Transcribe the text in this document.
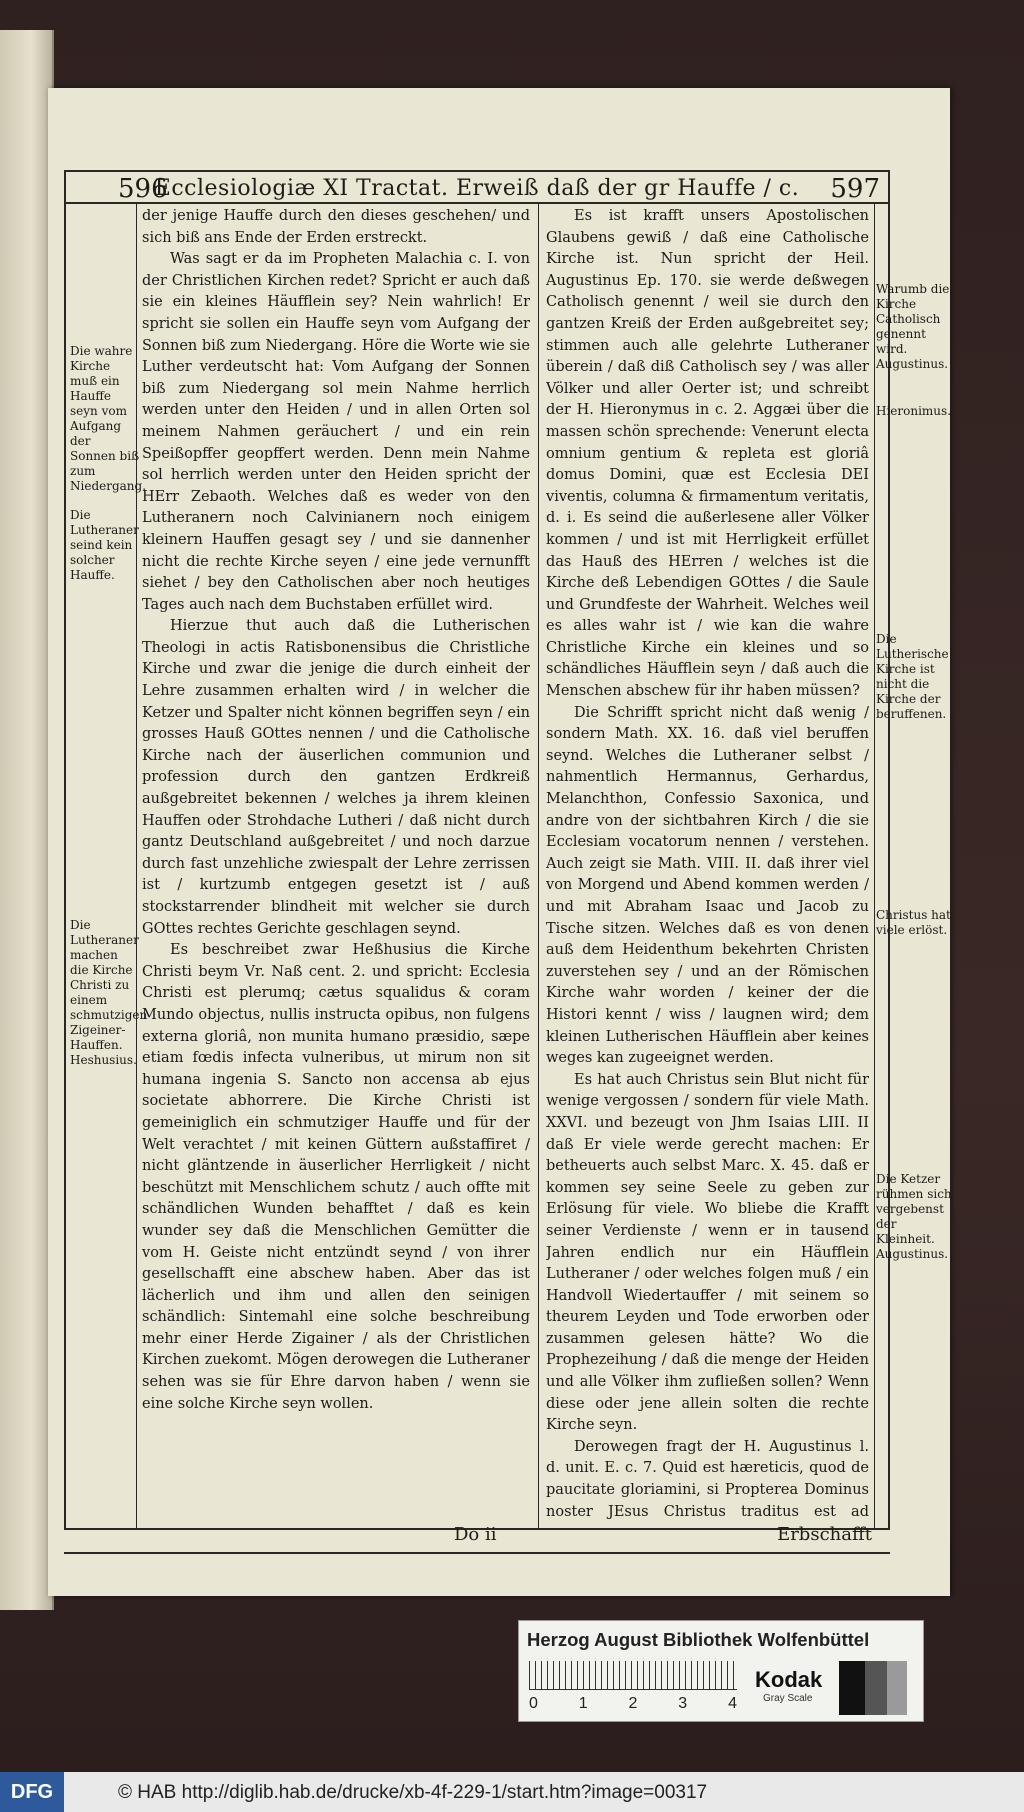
596
Ecclesiologiæ XI Tractat. Erweiß daß der gr Hauffe / c.	597

der jenige Hauffe durch den dieses geschehen/ und sich biß ans Ende der Erden erstreckt.

Was sagt er da im Propheten Malachia c. I. von der Christlichen Kirchen redet? Spricht er auch daß sie ein kleines Häufflein sey? Nein wahrlich! Er spricht sie sollen ein Hauffe seyn vom Aufgang der Sonnen biß zum Niedergang. Höre die Worte wie sie Luther verdeutscht hat: Vom Aufgang der Sonnen biß zum Niedergang sol mein Nahme herrlich werden unter den Heiden / und in allen Orten sol meinem Nahmen geräuchert / und ein rein Speißopffer geopffert werden. Denn mein Nahme sol herrlich werden unter den Heiden spricht der HErr Zebaoth. Welches daß es weder von den Lutheranern noch Calvinianern noch einigem kleinern Hauffen gesagt sey / und sie dannenher nicht die rechte Kirche seyen / eine jede vernunfft siehet / bey den Catholischen aber noch heutiges Tages auch nach dem Buchstaben erfüllet wird.

Hierzue thut auch daß die Lutherischen Theologi in actis Ratisbonensibus die Christliche Kirche und zwar die jenige die durch einheit der Lehre zusammen erhalten wird / in welcher die Ketzer und Spalter nicht können begriffen seyn / ein grosses Hauß GOttes nennen / und die Catholische Kirche nach der äuserlichen communion und profession durch den gantzen Erdkreiß außgebreitet bekennen / welches ja ihrem kleinen Hauffen oder Strohdache Lutheri / daß nicht durch gantz Deutschland außgebreitet / und noch darzue durch fast unzehliche zwiespalt der Lehre zerrissen ist / kurtzumb entgegen gesetzt ist / auß stockstarrender blindheit mit welcher sie durch GOttes rechtes Gerichte geschlagen seynd.

Es beschreibet zwar Heßhusius die Kirche Christi beym Vr. Naß cent. 2. und spricht: Ecclesia Christi est plerumq; cætus squalidus & coram Mundo objectus, nullis instructa opibus, non fulgens externa gloriâ, non munita humano præsidio, sæpe etiam fœdis infecta vulneribus, ut mirum non sit humana ingenia S. Sancto non accensa ab ejus societate abhorrere. Die Kirche Christi ist gemeiniglich ein schmutziger Hauffe und für der Welt verachtet / mit keinen Güttern außstaffiret / nicht gläntzende in äuserlicher Herrligkeit / nicht beschützt mit Menschlichem schutz / auch offte mit schändlichen Wunden behafftet / daß es kein wunder sey daß die Menschlichen Gemütter die vom H. Geiste nicht entzündt seynd / von ihrer gesellschafft eine abschew haben. Aber das ist lächerlich und ihm und allen den seinigen schändlich: Sintemahl eine solche beschreibung mehr einer Herde Zigainer / als der Christlichen Kirchen zuekomt. Mögen derowegen die Lutheraner sehen was sie für Ehre darvon haben / wenn sie eine solche Kirche seyn wollen.

Es ist krafft unsers Apostolischen Glaubens gewiß / daß eine Catholische Kirche ist. Nun spricht der Heil. Augustinus Ep. 170. sie werde deßwegen Catholisch genennt / weil sie durch den gantzen Kreiß der Erden außgebreitet sey; stimmen auch alle gelehrte Lutheraner überein / daß diß Catholisch sey / was aller Völker und aller Oerter ist; und schreibt der H. Hieronymus in c. 2. Aggæi über die massen schön sprechende: Venerunt electa omnium gentium & repleta est gloriâ domus Domini, quæ est Ecclesia DEI viventis, columna & firmamentum veritatis, d. i. Es seind die außerlesene aller Völker kommen / und ist mit Herrligkeit erfüllet das Hauß des HErren / welches ist die Kirche deß Lebendigen GOttes / die Saule und Grundfeste der Wahrheit. Welches weil es alles wahr ist / wie kan die wahre Christliche Kirche ein kleines und so schändliches Häufflein seyn / daß auch die Menschen abschew für ihr haben müssen?

Die Schrifft spricht nicht daß wenig / sondern Math. XX. 16. daß viel beruffen seynd. Welches die Lutheraner selbst / nahmentlich Hermannus, Gerhardus, Melanchthon, Confessio Saxonica, und andre von der sichtbahren Kirch / die sie Ecclesiam vocatorum nennen / verstehen. Auch zeigt sie Math. VIII. II. daß ihrer viel von Morgend und Abend kommen werden / und mit Abraham Isaac und Jacob zu Tische sitzen. Welches daß es von denen auß dem Heidenthum bekehrten Christen zuverstehen sey / und an der Römischen Kirche wahr worden / keiner der die Histori kennt / wiss / laugnen wird; dem kleinen Lutherischen Häufflein aber keines weges kan zugeeignet werden.

Es hat auch Christus sein Blut nicht für wenige vergossen / sondern für viele Math. XXVI. und bezeugt von Jhm Isaias LIII. II daß Er viele werde gerecht machen: Er betheuerts auch selbst Marc. X. 45. daß er kommen sey seine Seele zu geben zur Erlösung für viele. Wo bliebe die Krafft seiner Verdienste / wenn er in tausend Jahren endlich nur ein Häufflein Lutheraner / oder welches folgen muß / ein Handvoll Wiedertauffer / mit seinem so theurem Leyden und Tode erworben oder zusammen gelesen hätte? Wo die Prophezeihung / daß die menge der Heiden und alle Völker ihm zufließen sollen? Wenn diese oder jene allein solten die rechte Kirche seyn.

Derowegen fragt der H. Augustinus l. d. unit. E. c. 7. Quid est hæreticis, quod de paucitate gloriamini, si Propterea Dominus noster JEsus Christus traditus est ad

Die wahre Kirche muß ein Hauffe seyn vom Aufgang der Sonnen biß zum Niedergang.
Die Lutheraner seind kein solcher Hauffe.
Die Lutheraner machen die Kirche Christi zu einem schmutzigen Zigeiner-Hauffen. Heshusius.
Warumb die Kirche Catholisch genennt wird. Augustinus.
Hieronimus.
Die Lutherische Kirche ist nicht die Kirche der beruffenen.
Christus hat viele erlöst.
Die Ketzer rühmen sich vergebenst der Kleinheit. Augustinus.
Do ii	Erbschafft
Herzog August Bibliothek Wolfenbüttel
0	1	2	3	4
Kodak
Gray Scale
DFG	© HAB http://diglib.hab.de/drucke/xb-4f-229-1/start.htm?image=00317
